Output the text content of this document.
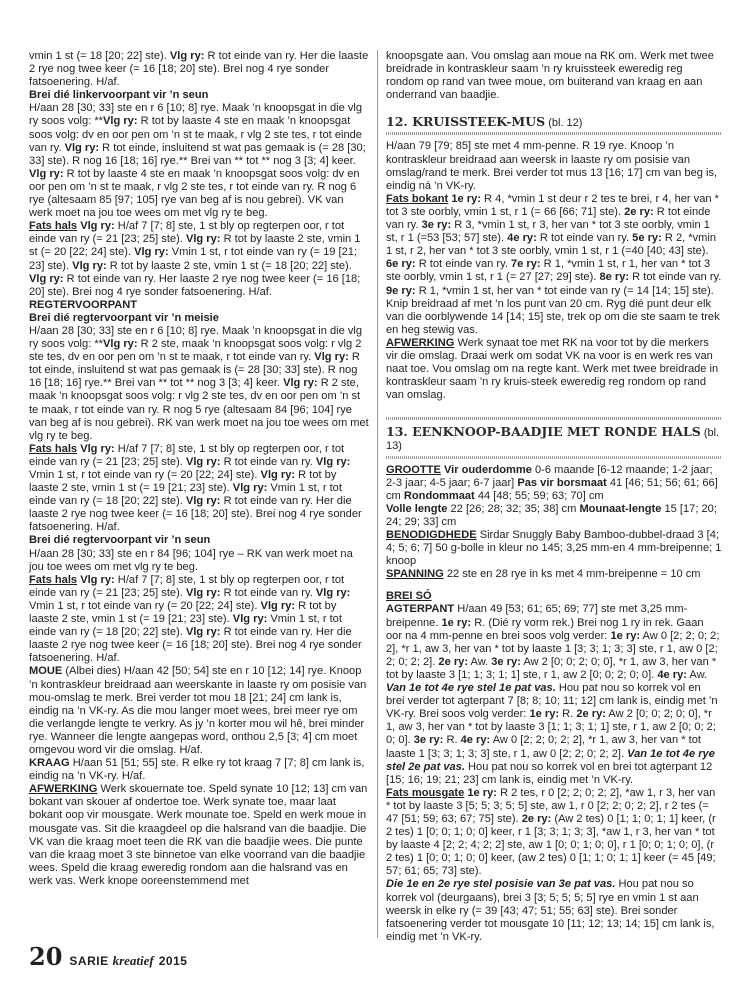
vmin 1 st (= 18 [20; 22] ste). Vlg ry: R tot einde van ry. Her die laaste 2 rye nog twee keer (= 16 [18; 20] ste). Brei nog 4 rye sonder fatsoenering. H/af.

Brei dié linkervoorpant vir ’n seun

H/aan 28 [30; 33] ste en r 6 [10; 8] rye. Maak ’n knoopsgat in die vlg ry soos volg: **Vlg ry: R tot by laaste 4 ste en maak ’n knoopsgat soos volg: dv en oor pen om ’n st te maak, r vlg 2 ste tes, r tot einde van ry. Vlg ry: R tot einde, insluitend st wat pas gemaak is (= 28 [30; 33] ste). R nog 16 [18; 16] rye.** Brei van ** tot ** nog 3 [3; 4] keer. Vlg ry: R tot by laaste 4 ste en maak ’n knoopsgat soos volg: dv en oor pen om ’n st te maak, r vlg 2 ste tes, r tot einde van ry. R nog 6 rye (altesaam 85 [97; 105] rye van beg af is nou gebrei). VK van werk moet na jou toe wees om met vlg ry te beg.

Fats hals Vlg ry: H/af 7 [7; 8] ste, 1 st bly op regterpen oor, r tot einde van ry (= 21 [23; 25] ste). Vlg ry: R tot by laaste 2 ste, vmin 1 st (= 20 [22; 24] ste). Vlg ry: Vmin 1 st, r tot einde van ry (= 19 [21; 23] ste). Vlg ry: R tot by laaste 2 ste, vmin 1 st (= 18 [20; 22] ste). Vlg ry: R tot einde van ry. Her laaste 2 rye nog twee keer (= 16 [18; 20] ste). Brei nog 4 rye sonder fatsoenering. H/af.

REGTERVOORPANT

Brei dié regtervoorpant vir ’n meisie

H/aan 28 [30; 33] ste en r 6 [10; 8] rye. Maak ’n knoopsgat in die vlg ry soos volg: **Vlg ry: R 2 ste, maak ’n knoopsgat soos volg: r vlg 2 ste tes, dv en oor pen om ’n st te maak, r tot einde van ry. Vlg ry: R tot einde, insluitend st wat pas gemaak is (= 28 [30; 33] ste). R nog 16 [18; 16] rye.** Brei van ** tot ** nog 3 [3; 4] keer. Vlg ry: R 2 ste, maak ’n knoopsgat soos volg: r vlg 2 ste tes, dv en oor pen om ’n st te maak, r tot einde van ry. R nog 5 rye (altesaam 84 [96; 104] rye van beg af is nou gebrei). RK van werk moet na jou toe wees om met vlg ry te beg.

Fats hals Vlg ry: H/af 7 [7; 8] ste, 1 st bly op regterpen oor, r tot einde van ry (= 21 [23; 25] ste). Vlg ry: R tot einde van ry. Vlg ry: Vmin 1 st, r tot einde van ry (= 20 [22; 24] ste). Vlg ry: R tot by laaste 2 ste, vmin 1 st (= 19 [21; 23] ste). Vlg ry: Vmin 1 st, r tot einde van ry (= 18 [20; 22] ste). Vlg ry: R tot einde van ry. Her die laaste 2 rye nog twee keer (= 16 [18; 20] ste). Brei nog 4 rye sonder fatsoenering. H/af.

Brei dié regtervoorpant vir ’n seun

H/aan 28 [30; 33] ste en r 84 [96; 104] rye – RK van werk moet na jou toe wees om met vlg ry te beg.

Fats hals Vlg ry: H/af 7 [7; 8] ste, 1 st bly op regterpen oor, r tot einde van ry (= 21 [23; 25] ste). Vlg ry: R tot einde van ry. Vlg ry: Vmin 1 st, r tot einde van ry (= 20 [22; 24] ste). Vlg ry: R tot by laaste 2 ste, vmin 1 st (= 19 [21; 23] ste). Vlg ry: Vmin 1 st, r tot einde van ry (= 18 [20; 22] ste). Vlg ry: R tot einde van ry. Her die laaste 2 rye nog twee keer (= 16 [18; 20] ste). Brei nog 4 rye sonder fatsoenering. H/af.

MOUE (Albei dies) H/aan 42 [50; 54] ste en r 10 [12; 14] rye. Knoop ’n kontraskleur breidraad aan weerskante in laaste ry om posisie van mou-omslag te merk. Brei verder tot mou 18 [21; 24] cm lank is, eindig na ’n VK-ry. As die mou langer moet wees, brei meer rye om die verlangde lengte te verkry. As jy ’n korter mou wil hê, brei minder rye. Wanneer die lengte aangepas word, onthou 2,5 [3; 4] cm moet omgevou word vir die omslag. H/af.

KRAAG H/aan 51 [51; 55] ste. R elke ry tot kraag 7 [7; 8] cm lank is, eindig na ’n VK-ry. H/af.

AFWERKING Werk skouernate toe. Speld synate 10 [12; 13] cm van bokant van skouer af ondertoe toe. Werk synate toe, maar laat bokant oop vir mousgate. Werk mounate toe. Speld en werk moue in mousgate vas. Sit die kraagdeel op die halsrand van die baadjie. Die VK van die kraag moet teen die RK van die baadjie wees. Die punte van die kraag moet 3 ste binnetoe van elke voorrand van die baadjie wees. Speld die kraag eweredig rondom aan die halsrand vas en werk vas. Werk knope ooreenstemmend met

knoopsgate aan. Vou omslag aan moue na RK om. Werk met twee breidrade in kontraskleur saam ’n ry kruissteek eweredig reg rondom op rand van twee moue, om buiterand van kraag en aan onderrand van baadjie.

12. KRUISSTEEK-MUS (bl. 12)

H/aan 79 [79; 85] ste met 4 mm-penne. R 19 rye. Knoop ’n kontraskleur breidraad aan weersk in laaste ry om posisie van omslag/rand te merk. Brei verder tot mus 13 [16; 17] cm van beg is, eindig ná ’n VK-ry.

Fats bokant 1e ry: R 4, *vmin 1 st deur r 2 tes te brei, r 4, her van * tot 3 ste oorbly, vmin 1 st, r 1 (= 66 [66; 71] ste). 2e ry: R tot einde van ry. 3e ry: R 3, *vmin 1 st, r 3, her van * tot 3 ste oorbly, vmin 1 st, r 1 (=53 [53; 57] ste). 4e ry: R tot einde van ry. 5e ry: R 2, *vmin 1 st, r 2, her van * tot 3 ste oorbly, vmin 1 st, r 1 (=40 [40; 43] ste). 6e ry: R tot einde van ry. 7e ry: R 1, *vmin 1 st, r 1, her van * tot 3 ste oorbly, vmin 1 st, r 1 (= 27 [27; 29] ste). 8e ry: R tot einde van ry. 9e ry: R 1, *vmin 1 st, her van * tot einde van ry (= 14 [14; 15] ste). Knip breidraad af met ’n los punt van 20 cm. Ryg dié punt deur elk van die oorblywende 14 [14; 15] ste, trek op om die ste saam te trek en heg stewig vas.

AFWERKING Werk synaat toe met RK na voor tot by die merkers vir die omslag. Draai werk om sodat VK na voor is en werk res van naat toe. Vou omslag om na regte kant. Werk met twee breidrade in kontraskleur saam ’n ry kruis-steek eweredig reg rondom op rand van omslag.

13. EENKNOOP-BAADJIE MET RONDE HALS (bl. 13)

GROOTTE Vir ouderdomme 0-6 maande [6-12 maande; 1-2 jaar; 2-3 jaar; 4-5 jaar; 6-7 jaar] Pas vir borsmaat 41 [46; 51; 56; 61; 66] cm Rondommaat 44 [48; 55; 59; 63; 70] cm

Volle lengte 22 [26; 28; 32; 35; 38] cm Mounaat-lengte 15 [17; 20; 24; 29; 33] cm

BENODIGDHEDE Sirdar Snuggly Baby Bamboo-dubbel-draad 3 [4; 4; 5; 6; 7] 50 g-bolle in kleur no 145; 3,25 mm-en 4 mm-breipenne; 1 knoop

SPANNING 22 ste en 28 rye in ks met 4 mm-breipenne = 10 cm

BREI SÓ

AGTERPANT H/aan 49 [53; 61; 65; 69; 77] ste met 3,25 mm-breipenne. 1e ry: R. (Dié ry vorm rek.) Brei nog 1 ry in rek. Gaan oor na 4 mm-penne en brei soos volg verder: 1e ry: Aw 0 [2; 2; 0; 2; 2], *r 1, aw 3, her van * tot by laaste 1 [3; 3; 1; 3; 3] ste, r 1, aw 0 [2; 2; 0; 2; 2]. 2e ry: Aw. 3e ry: Aw 2 [0; 0; 2; 0; 0], *r 1, aw 3, her van * tot by laaste 3 [1; 1; 3; 1; 1] ste, r 1, aw 2 [0; 0; 2; 0; 0]. 4e ry: Aw. Van 1e tot 4e rye stel 1e pat vas. Hou pat nou so korrek vol en brei verder tot agterpant 7 [8; 8; 10; 11; 12] cm lank is, eindig met ’n VK-ry. Brei soos volg verder: 1e ry: R. 2e ry: Aw 2 [0; 0; 2; 0; 0], *r 1, aw 3, her van * tot by laaste 3 [1; 1; 3; 1; 1] ste, r 1, aw 2 [0; 0; 2; 0; 0]. 3e ry: R. 4e ry: Aw 0 [2; 2; 0; 2; 2], *r 1, aw 3, her van * tot laaste 1 [3; 3; 1; 3; 3] ste, r 1, aw 0 [2; 2; 0; 2; 2]. Van 1e tot 4e rye stel 2e pat vas. Hou pat nou so korrek vol en brei tot agterpant 12 [15; 16; 19; 21; 23] cm lank is, eindig met ’n VK-ry.

Fats mousgate 1e ry: R 2 tes, r 0 [2; 2; 0; 2; 2], *aw 1, r 3, her van * tot by laaste 3 [5; 5; 3; 5; 5] ste, aw 1, r 0 [2; 2; 0; 2; 2], r 2 tes (= 47 [51; 59; 63; 67; 75] ste). 2e ry: (Aw 2 tes) 0 [1; 1; 0; 1; 1] keer, (r 2 tes) 1 [0; 0; 1; 0; 0] keer, r 1 [3; 3; 1; 3; 3], *aw 1, r 3, her van * tot by laaste 4 [2; 2; 4; 2; 2] ste, aw 1 [0; 0; 1; 0; 0], r 1 [0; 0; 1; 0; 0], (r 2 tes) 1 [0; 0; 1; 0; 0] keer, (aw 2 tes) 0 [1; 1; 0; 1; 1] keer (= 45 [49; 57; 61; 65; 73] ste).

Die 1e en 2e rye stel posisie van 3e pat vas. Hou pat nou so korrek vol (deurgaans), brei 3 [3; 5; 5; 5; 5] rye en vmin 1 st aan weersk in elke ry (= 39 [43; 47; 51; 55; 63] ste). Brei sonder fatsoenering verder tot mousgate 10 [11; 12; 13; 14; 15] cm lank is, eindig met ’n VK-ry.

20 SARIE kreatief 2015
